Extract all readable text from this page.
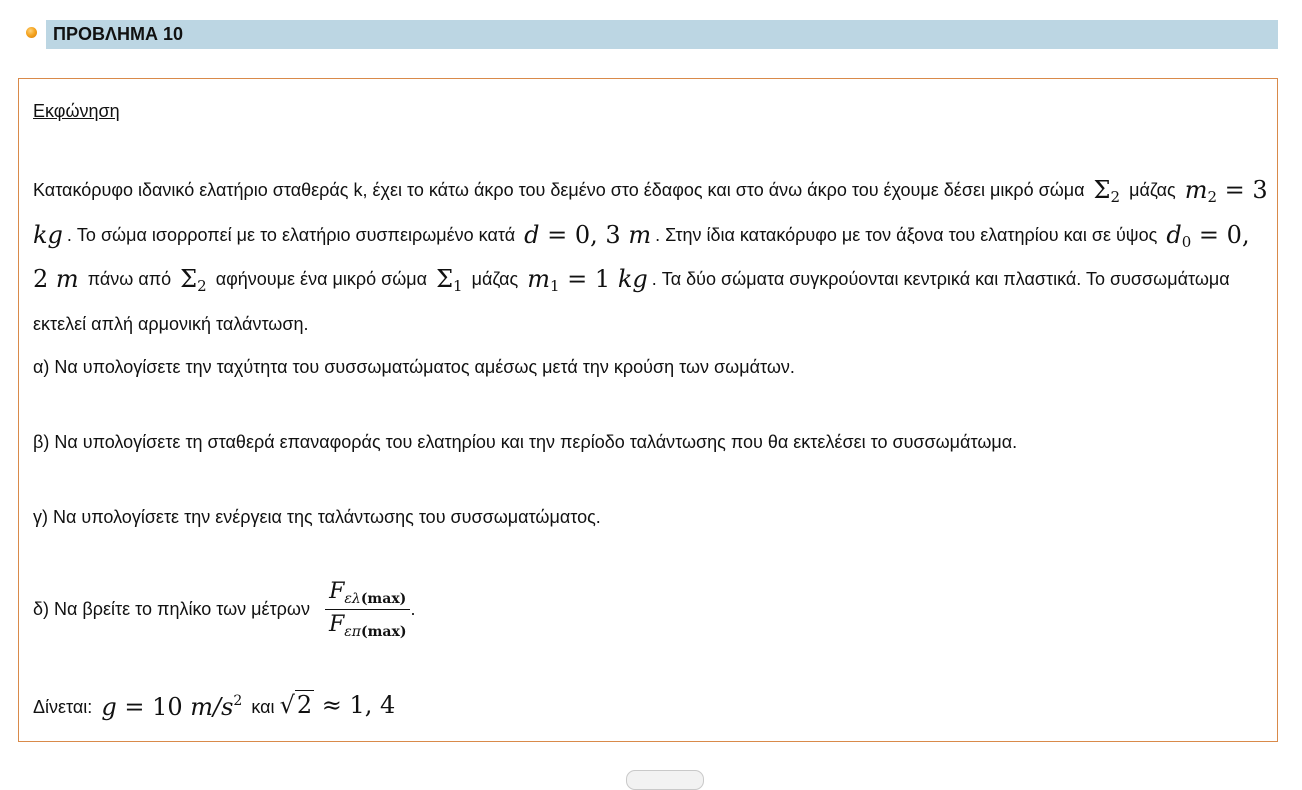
ΠΡΟΒΛΗΜΑ 10
Εκφώνηση
Κατακόρυφο ιδανικό ελατήριο σταθεράς k, έχει το κάτω άκρο του δεμένο στο έδαφος και στο άνω άκρο του έχουμε δέσει μικρό σώμα $\Sigma_2$ μάζας $m_2 = 3$ kg . Το σώμα ισορροπεί με το ελατήριο συσπειρωμένο κατά d = 0, 3 m . Στην ίδια κατακόρυφο με τον άξονα του ελατηρίου και σε ύψος $d_0 = 0$, 2 m πάνω από $\Sigma_2$ αφήνουμε ένα μικρό σώμα $\Sigma_1$ μάζας $m_1 = 1$ kg . Τα δύο σώματα συγκρούονται κεντρικά και πλαστικά. Το συσσωμάτωμα εκτελεί απλή αρμονική ταλάντωση.
α) Να υπολογίσετε την ταχύτητα του συσσωματώματος αμέσως μετά την κρούση των σωμάτων.
β) Να υπολογίσετε τη σταθερά επαναφοράς του ελατηρίου και την περίοδο ταλάντωσης που θα εκτελέσει το συσσωμάτωμα.
γ) Να υπολογίσετε την ενέργεια της ταλάντωσης του συσσωματώματος.
δ) Να βρείτε το πηλίκο των μέτρων $\frac{F_{\varepsilon\lambda(max)}}{F_{\varepsilon\pi(max)}}$ .
Δίνεται: g = 10 $m/s^2$ και √2 ≈ 1, 4
